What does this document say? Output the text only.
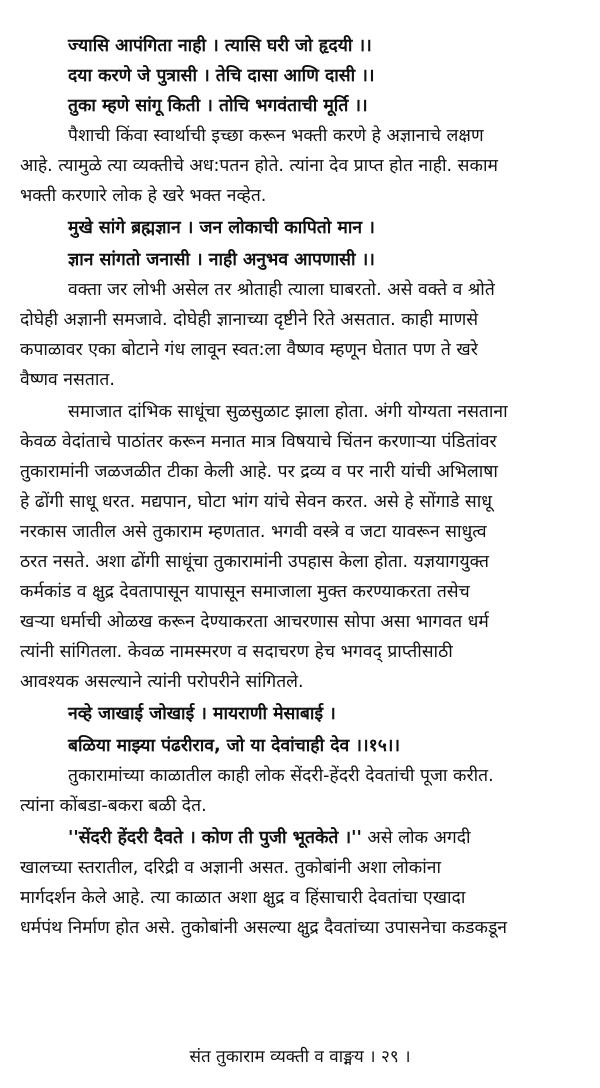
ज्यासि आपंगिता नाही । त्यासि घरी जो हृदयी ।।
दया करणे जे पुत्रासी । तेचि दासा आणि दासी ।।
तुका म्हणे सांगू किती । तोचि भगवंताची मूर्ति ।।
पैशाची किंवा स्वार्थाची इच्छा करून भक्ती करणे हे अज्ञानाचे लक्षण
आहे. त्यामुळे त्या व्यक्तीचे अध:पतन होते. त्यांना देव प्राप्त होत नाही. सकाम
भक्ती करणारे लोक हे खरे भक्त नव्हेत.
मुखे सांगे ब्रह्मज्ञान । जन लोकाची कापितो मान ।
ज्ञान सांगतो जनासी । नाही अनुभव आपणासी ।।
वक्ता जर लोभी असेल तर श्रोताही त्याला घाबरतो. असे वक्ते व श्रोते
दोघेही अज्ञानी समजावे. दोघेही ज्ञानाच्या दृष्टीने रिते असतात. काही माणसे
कपाळावर एका बोटाने गंध लावून स्वत:ला वैष्णव म्हणून घेतात पण ते खरे
वैष्णव नसतात.
समाजात दांभिक साधूंचा सुळसुळाट झाला होता. अंगी योग्यता नसताना
केवळ वेदांताचे पाठांतर करून मनात मात्र विषयाचे चिंतन करणाऱ्या पंडितांवर
तुकारामांनी जळजळीत टीका केली आहे. पर द्रव्य व पर नारी यांची अभिलाषा
हे ढोंगी साधू धरत. मद्यपान, घोटा भांग यांचे सेवन करत. असे हे सोंगाडे साधू
नरकास जातील असे तुकाराम म्हणतात. भगवी वस्त्रे व जटा यावरून साधुत्व
ठरत नसते. अशा ढोंगी साधूंचा तुकारामांनी उपहास केला होता. यज्ञयागयुक्त
कर्मकांड व क्षुद्र देवतापासून यापासून समाजाला मुक्त करण्याकरता तसेच
खऱ्या धर्माची ओळख करून देण्याकरता आचरणास सोपा असा भागवत धर्म
त्यांनी सांगितला. केवळ नामस्मरण व सदाचरण हेच भगवद् प्राप्तीसाठी
आवश्यक असल्याने त्यांनी परोपरीने सांगितले.
नव्हे जाखाई जोखाई । मायराणी मेसाबाई ।
बळिया माझ्या पंढरीराव, जो या देवांचाही देव ।।१५।।
तुकारामांच्या काळातील काही लोक सेंदरी-हेंदरी देवतांची पूजा करीत.
त्यांना कोंबडा-बकरा बळी देत.
''सेंदरी हेंदरी दैवते । कोण ती पुजी भूतकेते ।'' असे लोक अगदी
खालच्या स्तरातील, दरिद्री व अज्ञानी असत. तुकोबांनी अशा लोकांना
मार्गदर्शन केले आहे. त्या काळात अशा क्षुद्र व हिंसाचारी देवतांचा एखादा
धर्मपंथ निर्माण होत असे. तुकोबांनी असल्या क्षुद्र दैवतांच्या उपासनेचा कडकडून
संत तुकाराम व्यक्ती व वाङ्मय । २९ ।
